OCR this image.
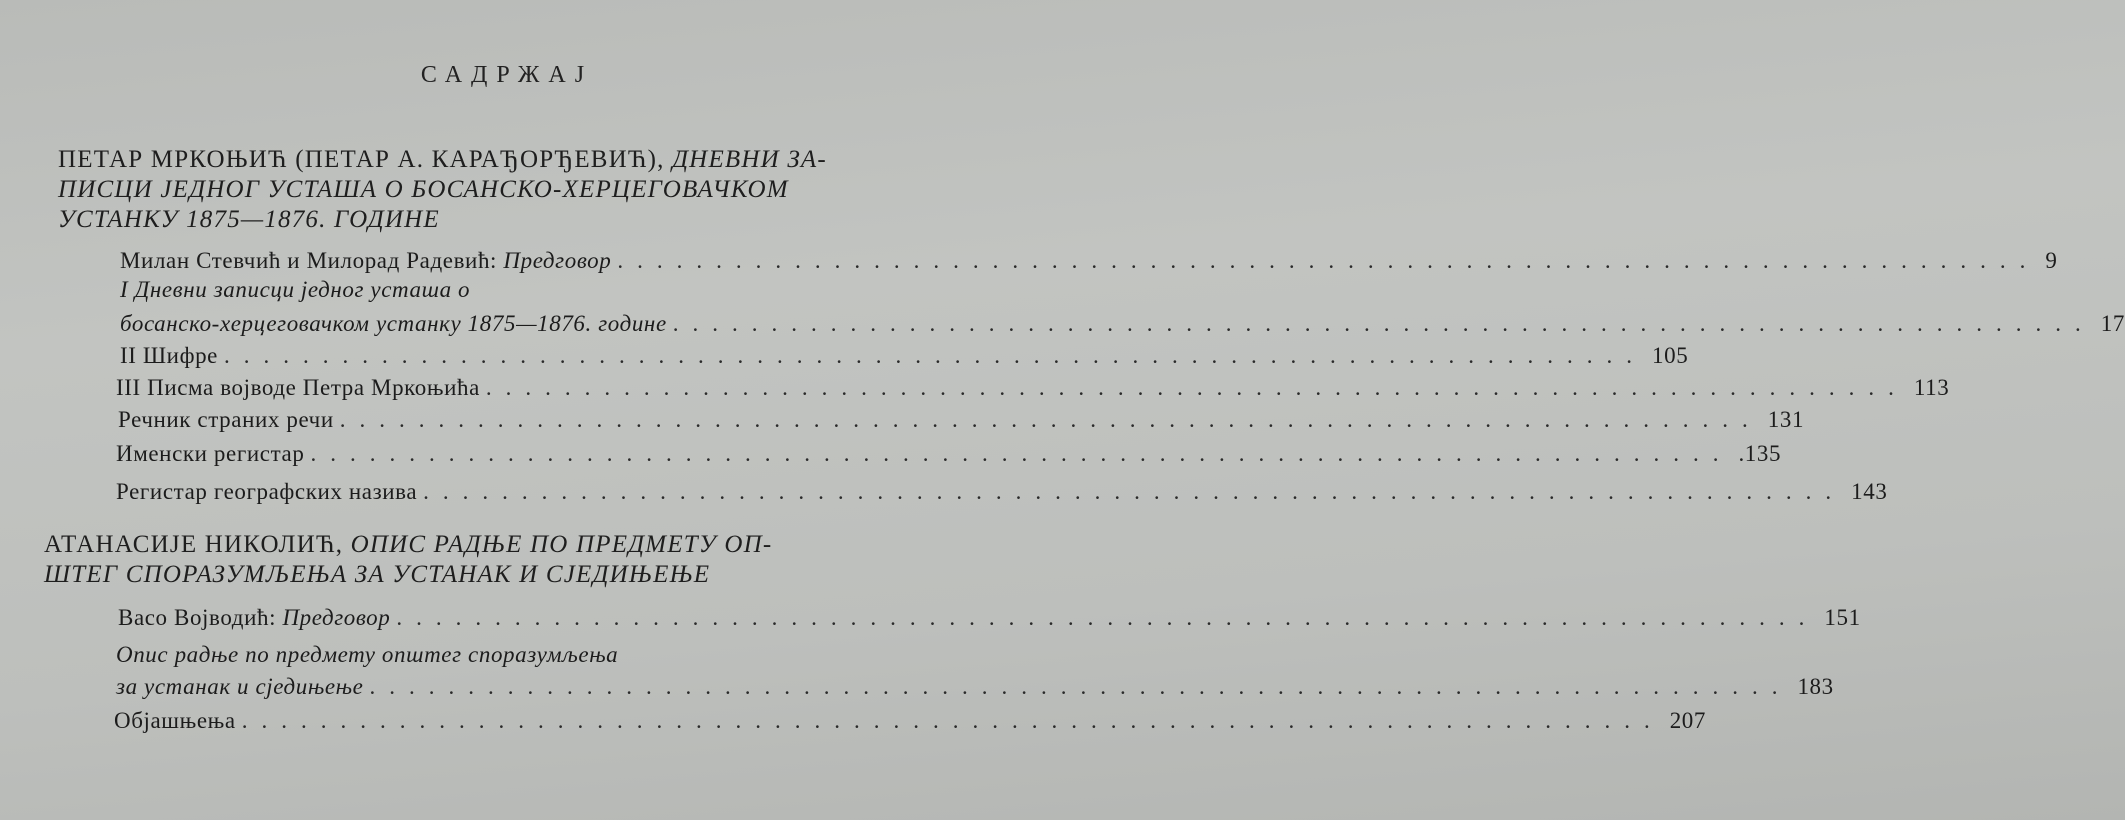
САДРЖАЈ
ПЕТАР МРКОЊИЋ (ПЕТАР А. КАРАЂОРЂЕВИЋ), ДНЕВНИ ЗА-
ПИСЦИ ЈЕДНОГ УСТАША О БОСАНСКО-ХЕРЦЕГОВАЧКОМ
УСТАНКУ 1875—1876. ГОДИНЕ
Милан Стевчић и Милорад Радевић: Предговор ........................................................................ 9
I Дневни записци једног усташа о
босанско-херцеговачком устанку 1875—1876. године ........................................................................ 17
II Шифре ........................................................................ 105
III Писма војводе Петра Мркоњића ........................................................................ 113
Речник страних речи ........................................................................ 131
Именски регистар ........................................................................ .135
Регистар географских назива ........................................................................ 143
АТАНАСИЈЕ НИКОЛИЋ, ОПИС РАДЊЕ ПО ПРЕДМЕТУ ОП-
ШТЕГ СПОРАЗУМЉЕЊА ЗА УСТАНАК И СЈЕДИЊЕЊЕ
Васо Војводић: Предговор ........................................................................ 151
Опис радње по предмету општег споразумљења
за устанак и сједињење ........................................................................ 183
Објашњења ........................................................................ 207
